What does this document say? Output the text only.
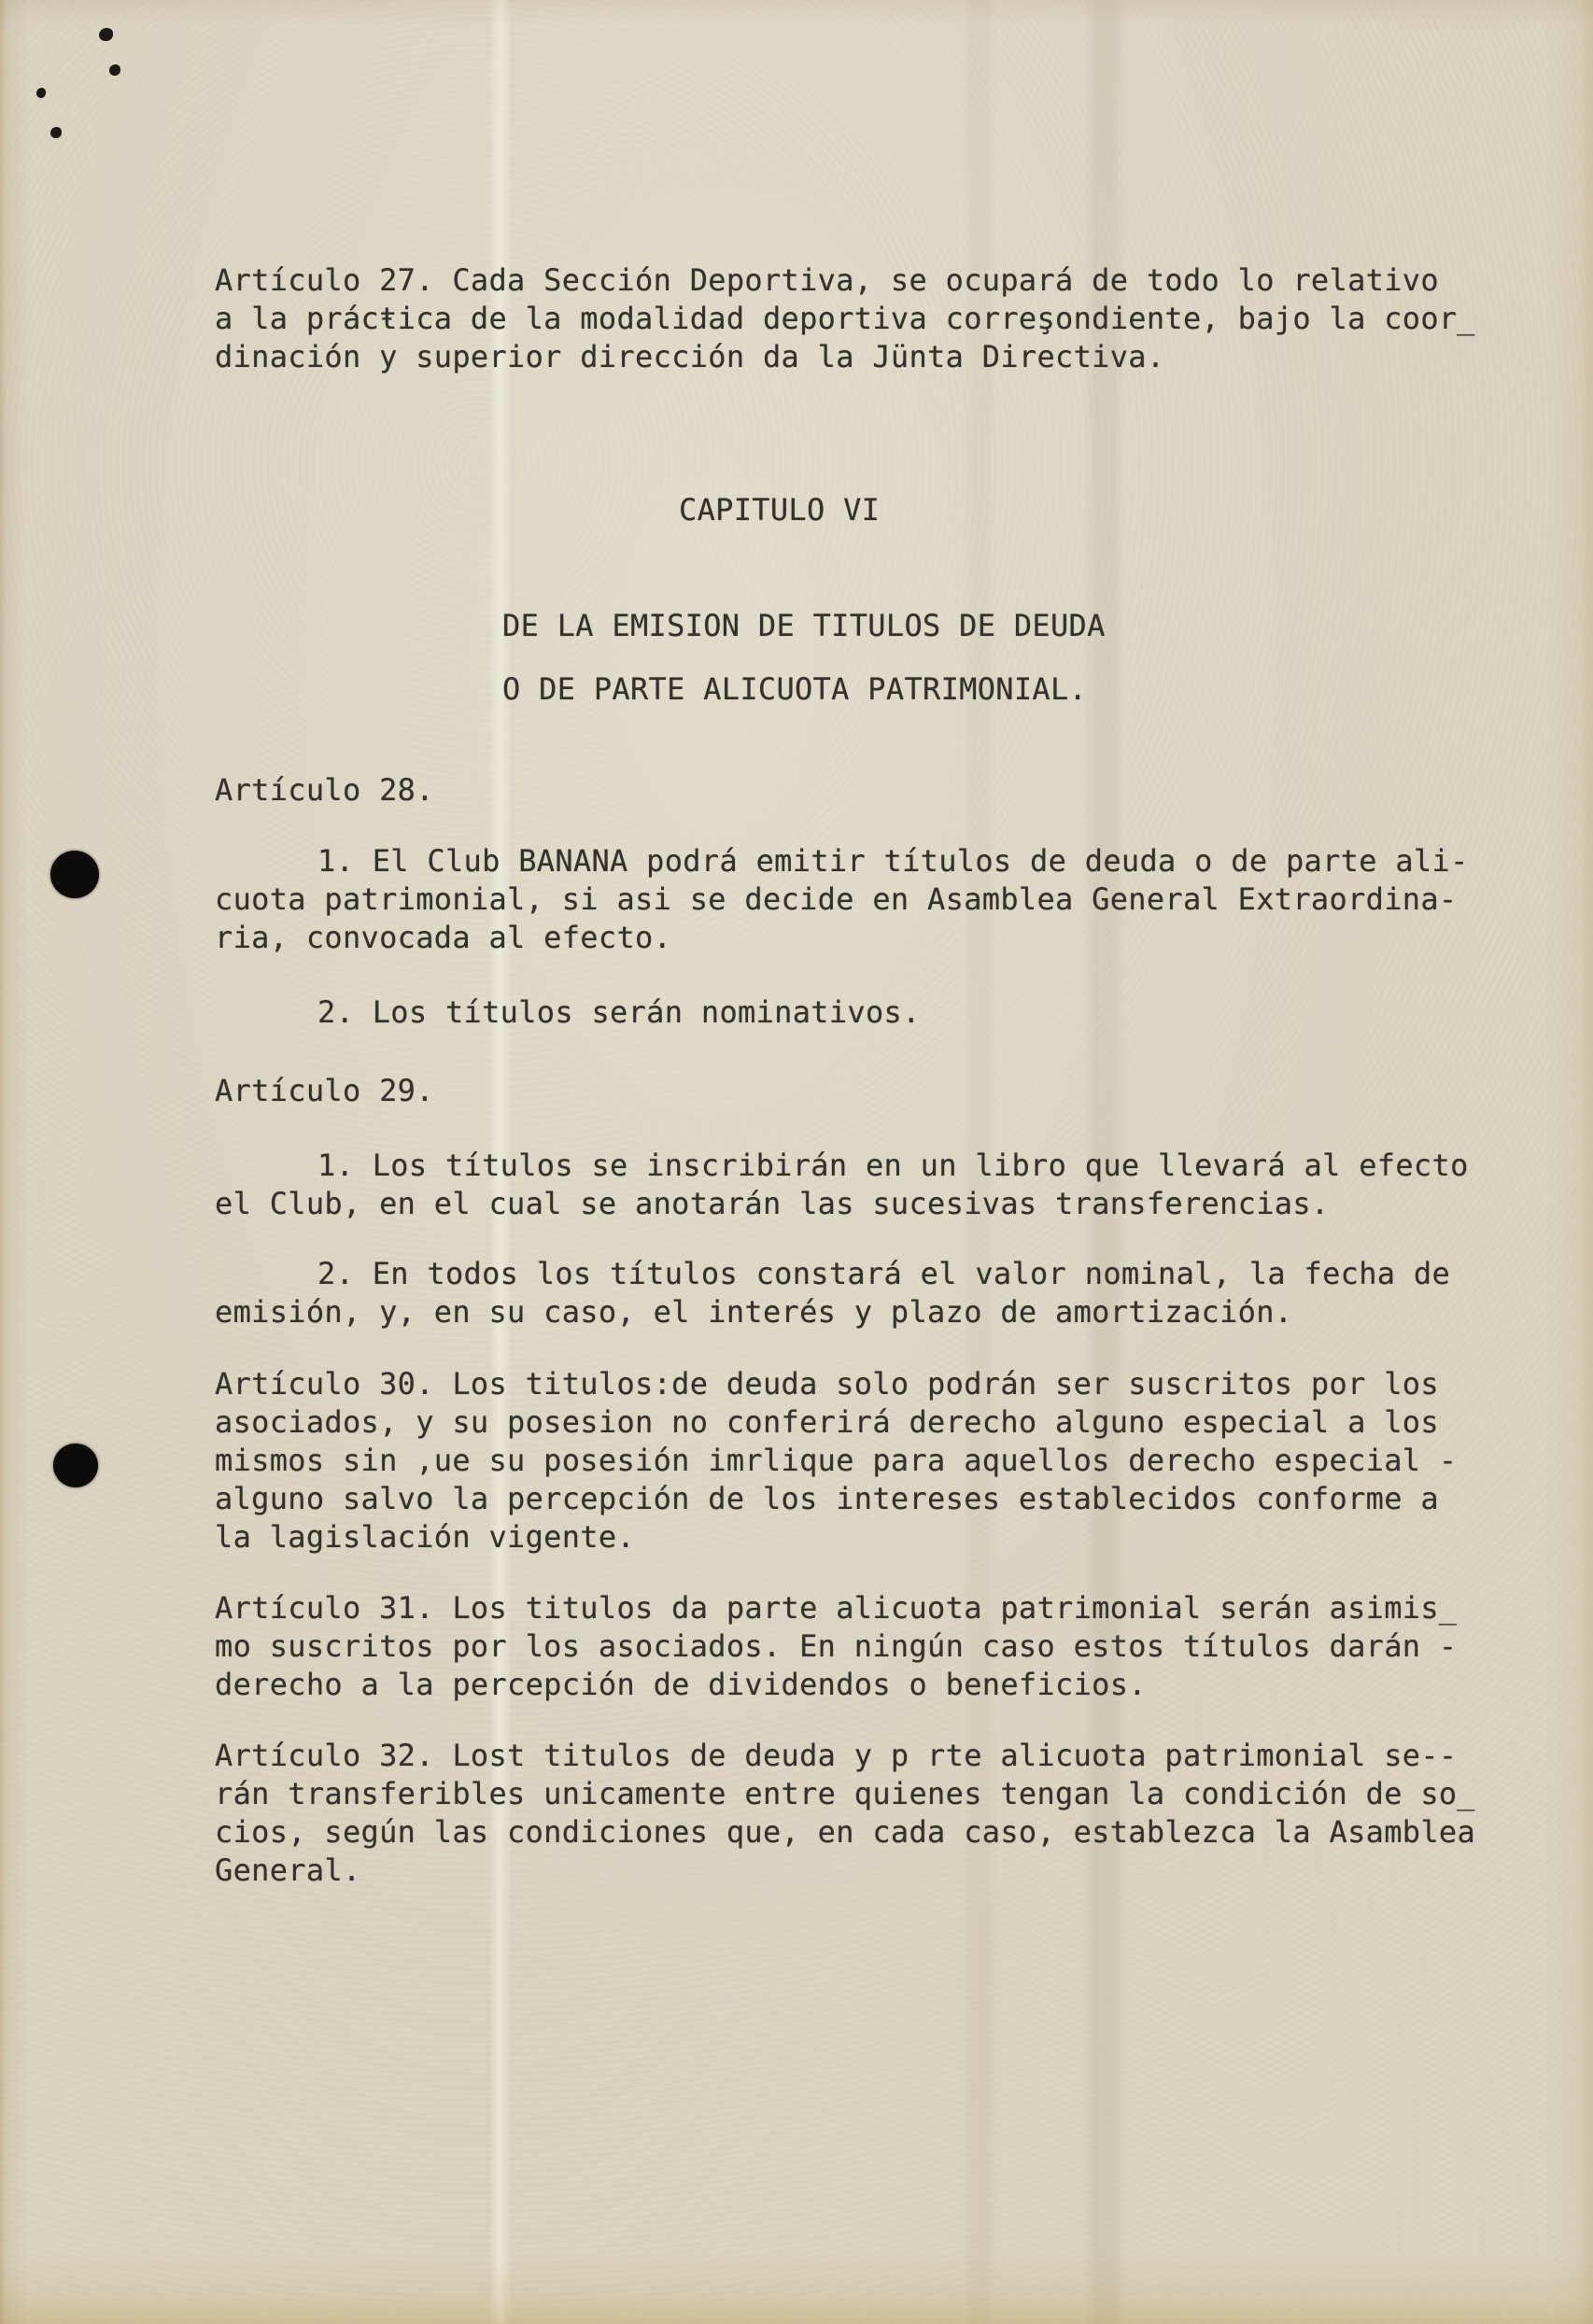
Artículo 27. Cada Sección Deportiva, se ocupará de todo lo relativo
a la prácŧica de la modalidad deportiva correşondiente, bajo la coor̲
dinación y superior dirección da la Jünta Directiva.
CAPITULO VI
DE LA EMISION DE TITULOS DE DEUDA
O DE PARTE ALICUOTA PATRIMONIAL.
Artículo 28.
1. El Club BANANA podrá emitir títulos de deuda o de parte ali-
cuota patrimonial, si asi se decide en Asamblea General Extraordina-
ria, convocada al efecto.
2. Los títulos serán nominativos.
Artículo 29.
1. Los títulos se inscribirán en un libro que llevará al efecto
el Club, en el cual se anotarán las sucesivas transferencias.
2. En todos los títulos constará el valor nominal, la fecha de
emisión, y, en su caso, el interés y plazo de amortización.
Artículo 30. Los titulos:de deuda solo podrán ser suscritos por los
asociados, y su posesion no conferirá derecho alguno especial a los
mismos sin ,ue su posesión imrlique para aquellos derecho especial -
alguno salvo la percepción de los intereses establecidos conforme a
la lagislación vigente.
Artículo 31. Los titulos da parte alicuota patrimonial serán asimis̲
mo suscritos por los asociados. En ningún caso estos títulos darán -
derecho a la percepción de dividendos o beneficios.
Artículo 32. Lost titulos de deuda y p rte alicuota patrimonial se--
rán transferibles unicamente entre quienes tengan la condición de so̲
cios, según las condiciones que, en cada caso, establezca la Asamblea
General.
